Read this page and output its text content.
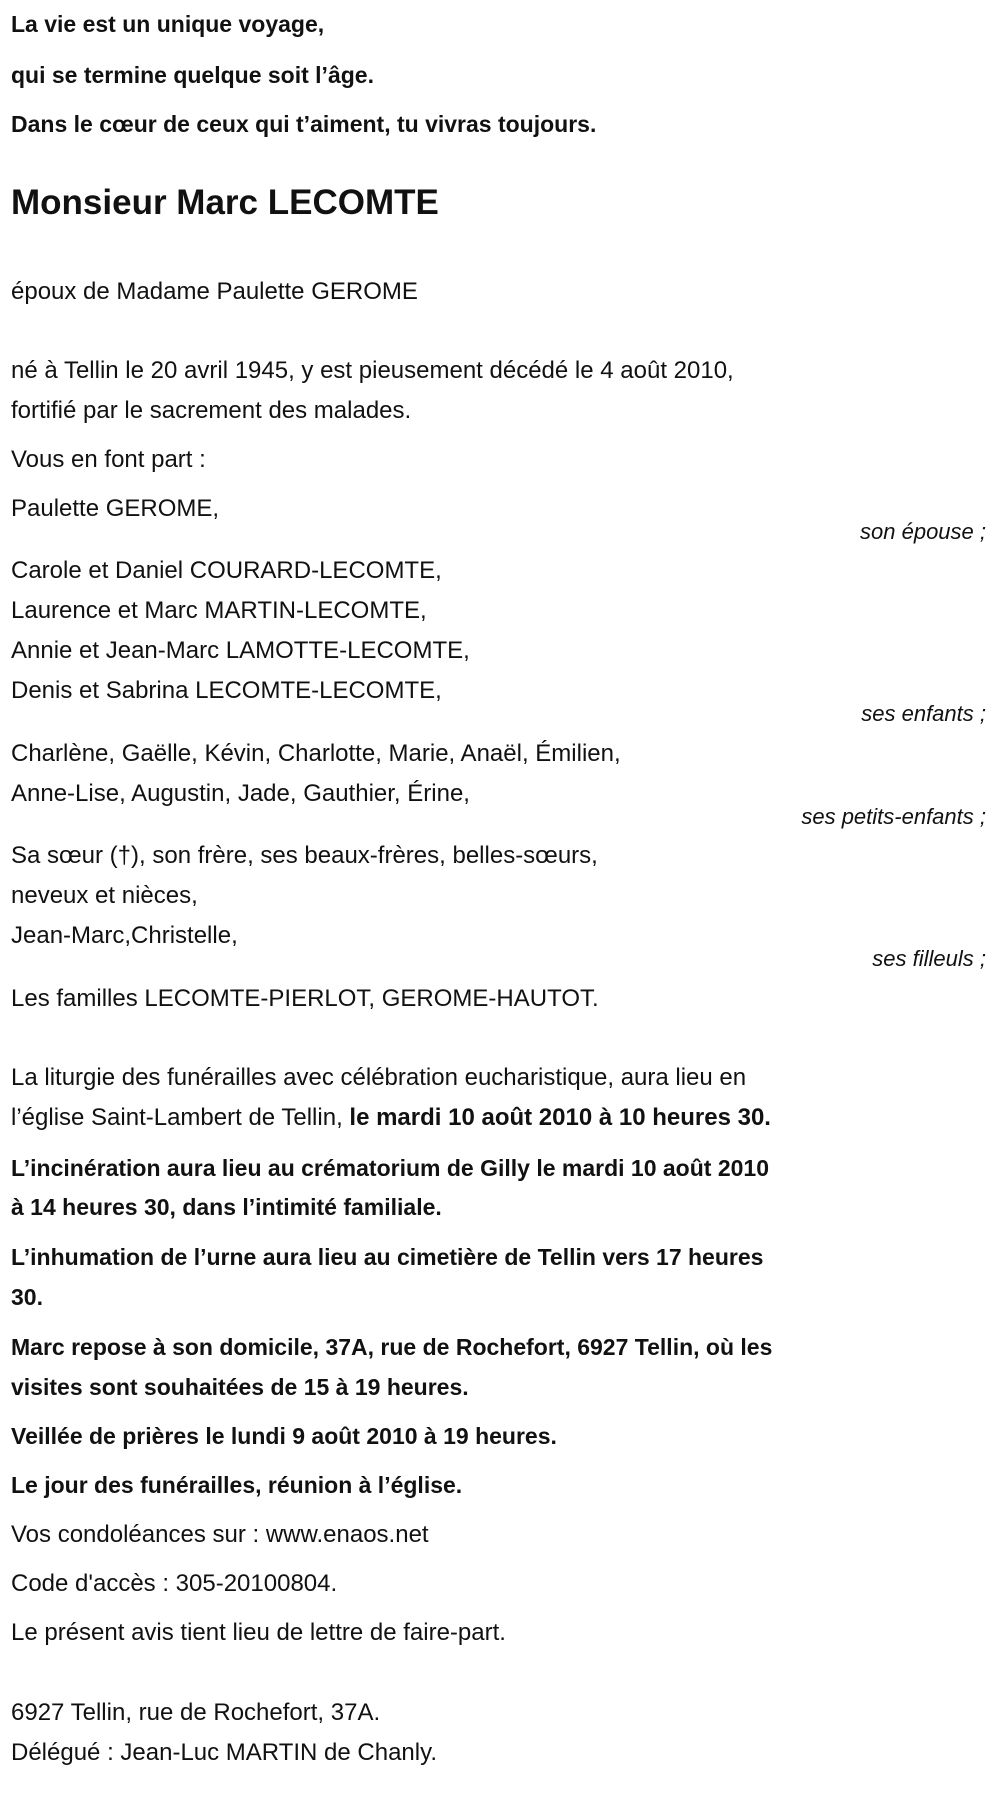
La vie est un unique voyage,
qui se termine quelque soit l’âge.
Dans le cœur de ceux qui t’aiment, tu vivras toujours.
Monsieur Marc LECOMTE
époux de Madame Paulette GEROME
né à Tellin le 20 avril 1945, y est pieusement décédé le 4 août 2010,
fortifié par le sacrement des malades.
Vous en font part :
Paulette GEROME,
son épouse ;
Carole et Daniel COURARD-LECOMTE,
Laurence et Marc MARTIN-LECOMTE,
Annie et Jean-Marc LAMOTTE-LECOMTE,
Denis et Sabrina LECOMTE-LECOMTE,
ses enfants ;
Charlène, Gaëlle, Kévin, Charlotte, Marie, Anaël, Émilien,
Anne-Lise, Augustin, Jade, Gauthier, Érine,
ses petits-enfants ;
Sa sœur (†), son frère, ses beaux-frères, belles-sœurs,
neveux et nièces,
Jean-Marc,Christelle,
ses filleuls ;
Les familles LECOMTE-PIERLOT, GEROME-HAUTOT.
La liturgie des funérailles avec célébration eucharistique, aura lieu en
l’église Saint-Lambert de Tellin, le mardi 10 août 2010 à 10 heures 30.
L’incinération aura lieu au crématorium de Gilly le mardi 10 août 2010
à 14 heures 30, dans l’intimité familiale.
L’inhumation de l’urne aura lieu au cimetière de Tellin vers 17 heures
30.
Marc repose à son domicile, 37A, rue de Rochefort, 6927 Tellin, où les
visites sont souhaitées de 15 à 19 heures.
Veillée de prières le lundi 9 août 2010 à 19 heures.
Le jour des funérailles, réunion à l’église.
Vos condoléances sur : www.enaos.net
Code d'accès : 305-20100804.
Le présent avis tient lieu de lettre de faire-part.
6927 Tellin, rue de Rochefort, 37A.
Délégué : Jean-Luc MARTIN de Chanly.
